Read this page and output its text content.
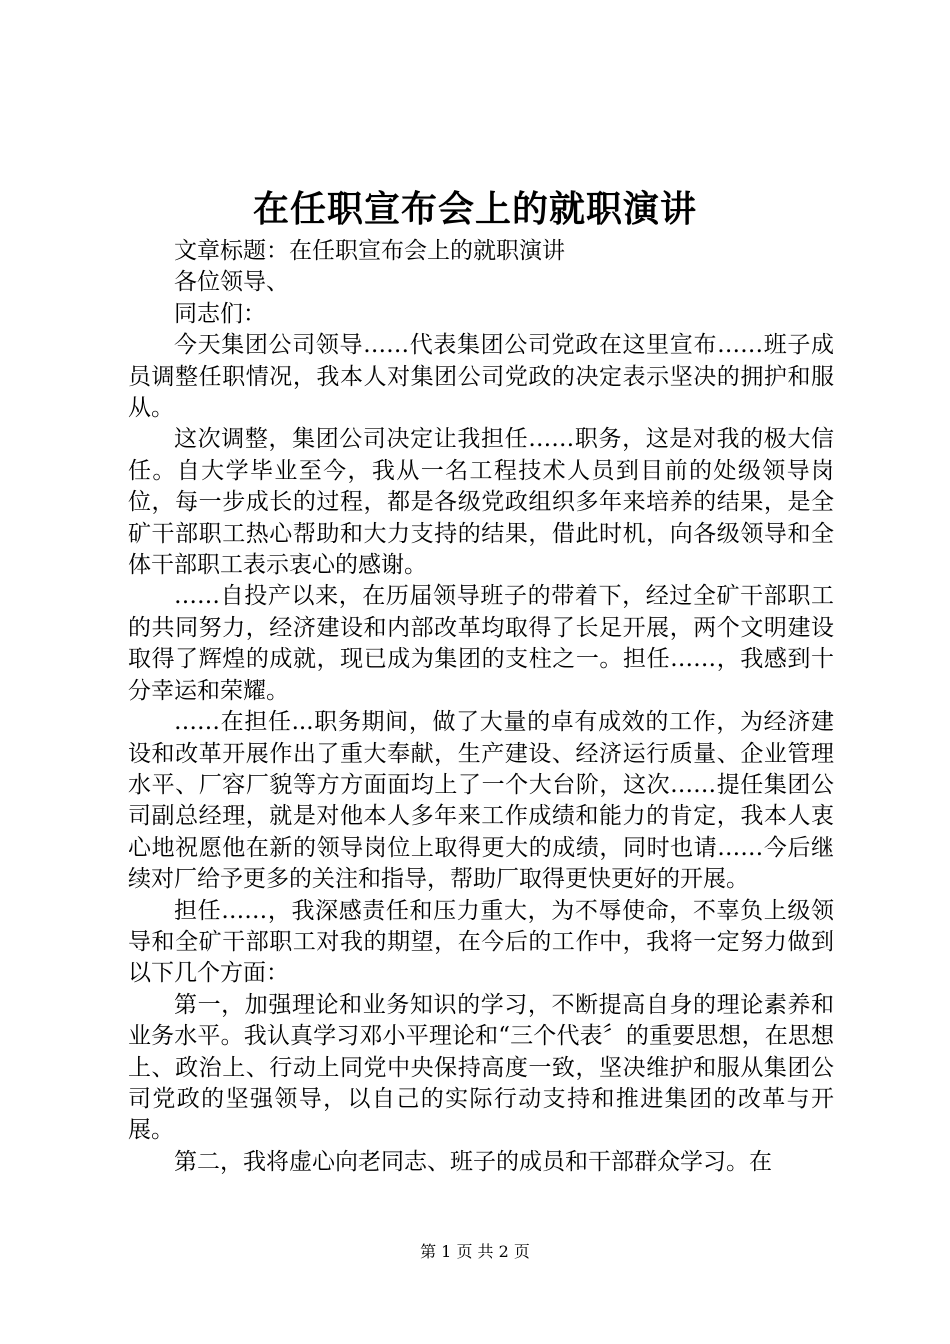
在任职宣布会上的就职演讲

文章标题：在任职宣布会上的就职演讲

各位领导、

同志们：

今天集团公司领导……代表集团公司党政在这里宣布……班子成员调整任职情况，我本人对集团公司党政的决定表示坚决的拥护和服从。

这次调整，集团公司决定让我担任……职务，这是对我的极大信任。自大学毕业至今，我从一名工程技术人员到目前的处级领导岗位，每一步成长的过程，都是各级党政组织多年来培养的结果，是全矿干部职工热心帮助和大力支持的结果，借此时机，向各级领导和全体干部职工表示衷心的感谢。

……自投产以来，在历届领导班子的带着下，经过全矿干部职工的共同努力，经济建设和内部改革均取得了长足开展，两个文明建设取得了辉煌的成就，现已成为集团的支柱之一。担任……，我感到十分幸运和荣耀。

……在担任...职务期间，做了大量的卓有成效的工作，为经济建设和改革开展作出了重大奉献，生产建设、经济运行质量、企业管理水平、厂容厂貌等方方面面均上了一个大台阶，这次……提任集团公司副总经理，就是对他本人多年来工作成绩和能力的肯定，我本人衷心地祝愿他在新的领导岗位上取得更大的成绩，同时也请……今后继续对厂给予更多的关注和指导，帮助厂取得更快更好的开展。

担任……，我深感责任和压力重大，为不辱使命，不辜负上级领导和全矿干部职工对我的期望，在今后的工作中，我将一定努力做到以下几个方面：

第一，加强理论和业务知识的学习，不断提高自身的理论素养和业务水平。我认真学习邓小平理论和“三个代表〞的重要思想，在思想上、政治上、行动上同党中央保持高度一致，坚决维护和服从集团公司党政的坚强领导，以自己的实际行动支持和推进集团的改革与开展。

第二，我将虚心向老同志、班子的成员和干部群众学习。在

第 1 页 共 2 页
